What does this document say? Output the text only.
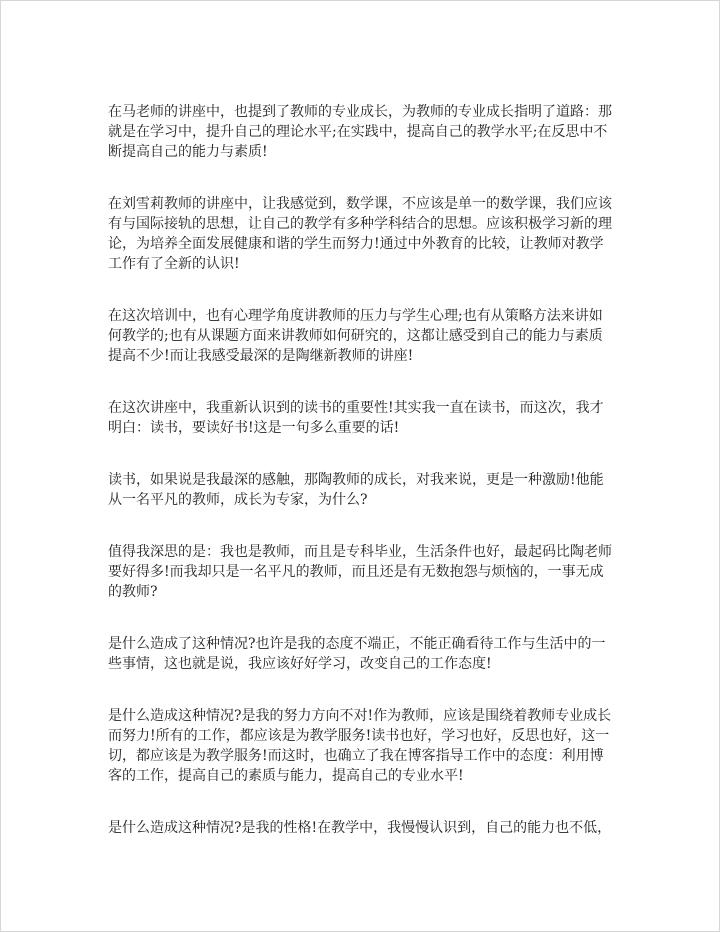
在马老师的讲座中，也提到了教师的专业成长，为教师的专业成长指明了道路：那
就是在学习中，提升自己的理论水平;在实践中，提高自己的教学水平;在反思中不
断提高自己的能力与素质!

在刘雪莉教师的讲座中，让我感觉到，数学课，不应该是单一的数学课，我们应该
有与国际接轨的思想，让自己的教学有多种学科结合的思想。应该积极学习新的理
论，为培养全面发展健康和谐的学生而努力!通过中外教育的比较，让教师对教学
工作有了全新的认识!

在这次培训中，也有心理学角度讲教师的压力与学生心理;也有从策略方法来讲如
何教学的;也有从课题方面来讲教师如何研究的，这都让感受到自己的能力与素质
提高不少!而让我感受最深的是陶继新教师的讲座!

在这次讲座中，我重新认识到的读书的重要性!其实我一直在读书，而这次，我才
明白：读书，要读好书!这是一句多么重要的话!

读书，如果说是我最深的感触，那陶教师的成长，对我来说，更是一种激励!他能
从一名平凡的教师，成长为专家，为什么?

值得我深思的是：我也是教师，而且是专科毕业，生活条件也好，最起码比陶老师
要好得多!而我却只是一名平凡的教师，而且还是有无数抱怨与烦恼的，一事无成
的教师?

是什么造成了这种情况?也许是我的态度不端正，不能正确看待工作与生活中的一
些事情，这也就是说，我应该好好学习，改变自己的工作态度!

是什么造成这种情况?是我的努力方向不对!作为教师，应该是围绕着教师专业成长
而努力!所有的工作，都应该是为教学服务!读书也好，学习也好，反思也好，这一
切，都应该是为教学服务!而这时，也确立了我在博客指导工作中的态度：利用博
客的工作，提高自己的素质与能力，提高自己的专业水平!

是什么造成这种情况?是我的性格!在教学中，我慢慢认识到，自己的能力也不低，
